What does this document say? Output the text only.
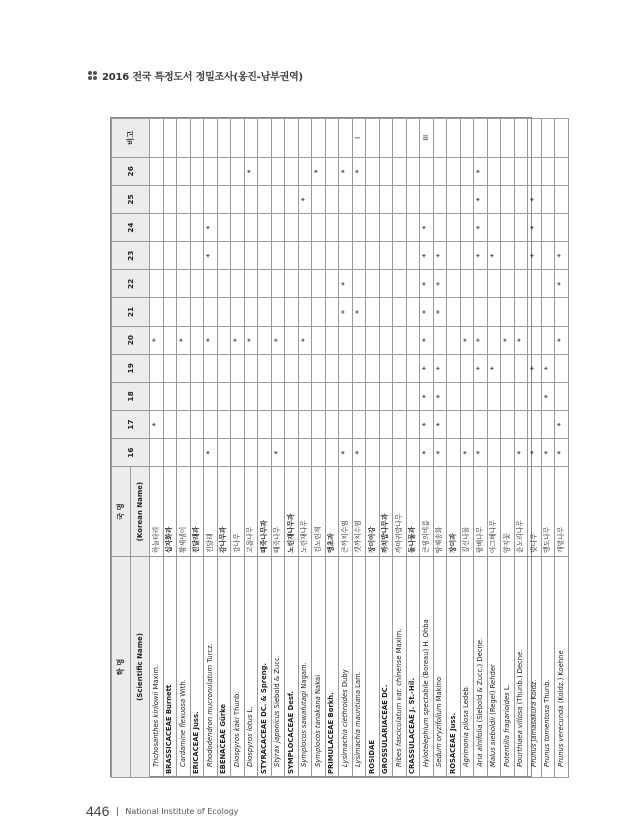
2016 전국 특정도서 정밀조사(옹진-남부권역)
학 명	국 명	16	17	18	19	20	21	22	23	24	25	26	비고
(Scientific Name)	(Korean Name)												
Trichosanthes kirilowii Maxim.	하늘타리		*			*							
BRASSICACEAE Burnett	십자화과												
Cardamine flexuosa With.	황새냉이					*							
ERICACEAE Juss.	진달래과												
Rhododendron mucronulatum Turcz.	진달래	*				*			*	*			
EBENACEAE Gürke	감나무과												
Diospyros kaki Thunb.	감나무					*							
Diospyros lotus L.	고욤나무					*						*	
STYRACACEAE DC. & Spreng.	때죽나무과												
Styrax japonicus Siebold & Zucc.	때죽나무	*				*							
SYMPLOCACEAE Desf.	노린재나무과												
Symplocos sawafutagi Nagam.	노린재나무					*					*		
Symplocos tanakana Nakai	검노린재											*	
PRIMULACEAE Borkh.	앵초과												
Lysimachia clethroides Duby	큰까치수염	*					*	*				*	
Lysimachia mauritiana Lam.	갯까치수염	*					*					*	I
ROSIDAE	장미아강												
GROSSULARIACEAE DC.	까치밥나무과												
Ribes fasciculatum var. chinense Maxim.	까마귀밥나무												
CRASSULACEAE J. St.-Hil.	돌나물과												
Hylotelephium spectabile (Boreau) H. Ohba	큰꿩의비름	*	*	*	*	*	*	*	*	*			III
Sedum oryzifolium Makino	땅채송화	*	*	*	*		*	*	*				
ROSACEAE Juss.	장미과												
Agrimonia pilosa Ledeb.	짚신나물	*				*							
Aria alnifolia (Siebold & Zucc.) Decne.	팥배나무	*			*	*			*	*	*	*	
Malus sieboldii (Regel) Rehder	아그배나무				*				*				
Potentilla fragarioides L.	양지꽃					*							
Pourthiaea villosa (Thunb.) Decne.	윤노리나무	*				*							
Prunus jamasakura Koidz.	벚나무	*			*				*	*	*		
Prunus tomentosa Thunb.	앵도나무	*		*	*								
Prunus verecunda (Koidz.) Koehne	개벚나무	*	*			*		*	*				
446 National Institute of Ecology
